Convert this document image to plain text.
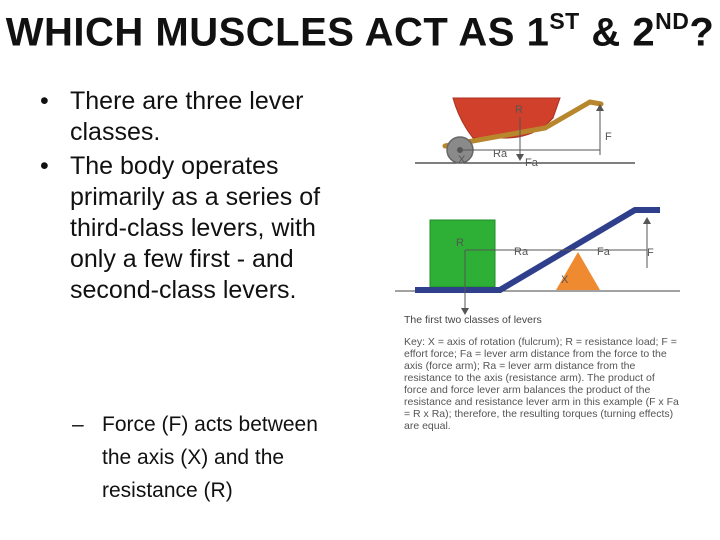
WHICH MUSCLES ACT AS 1ST & 2ND?
• There are three lever classes.
• The body operates primarily as a series of third-class levers, with only a few first - and second-class levers.
– Force (F) acts between the axis (X) and the resistance (R)
R
F
Ra
Fa
X
R
Ra	Fa	F
X

The first two classes of levers

Key: X = axis of rotation (fulcrum); R = resistance load; F = effort force; Fa = lever arm distance from the force to the axis (force arm); Ra = lever arm distance from the resistance to the axis (resistance arm). The product of force and force lever arm balances the product of the resistance and resistance lever arm in this example (F x Fa = R x Ra); therefore, the resulting torques (turning effects) are equal.
